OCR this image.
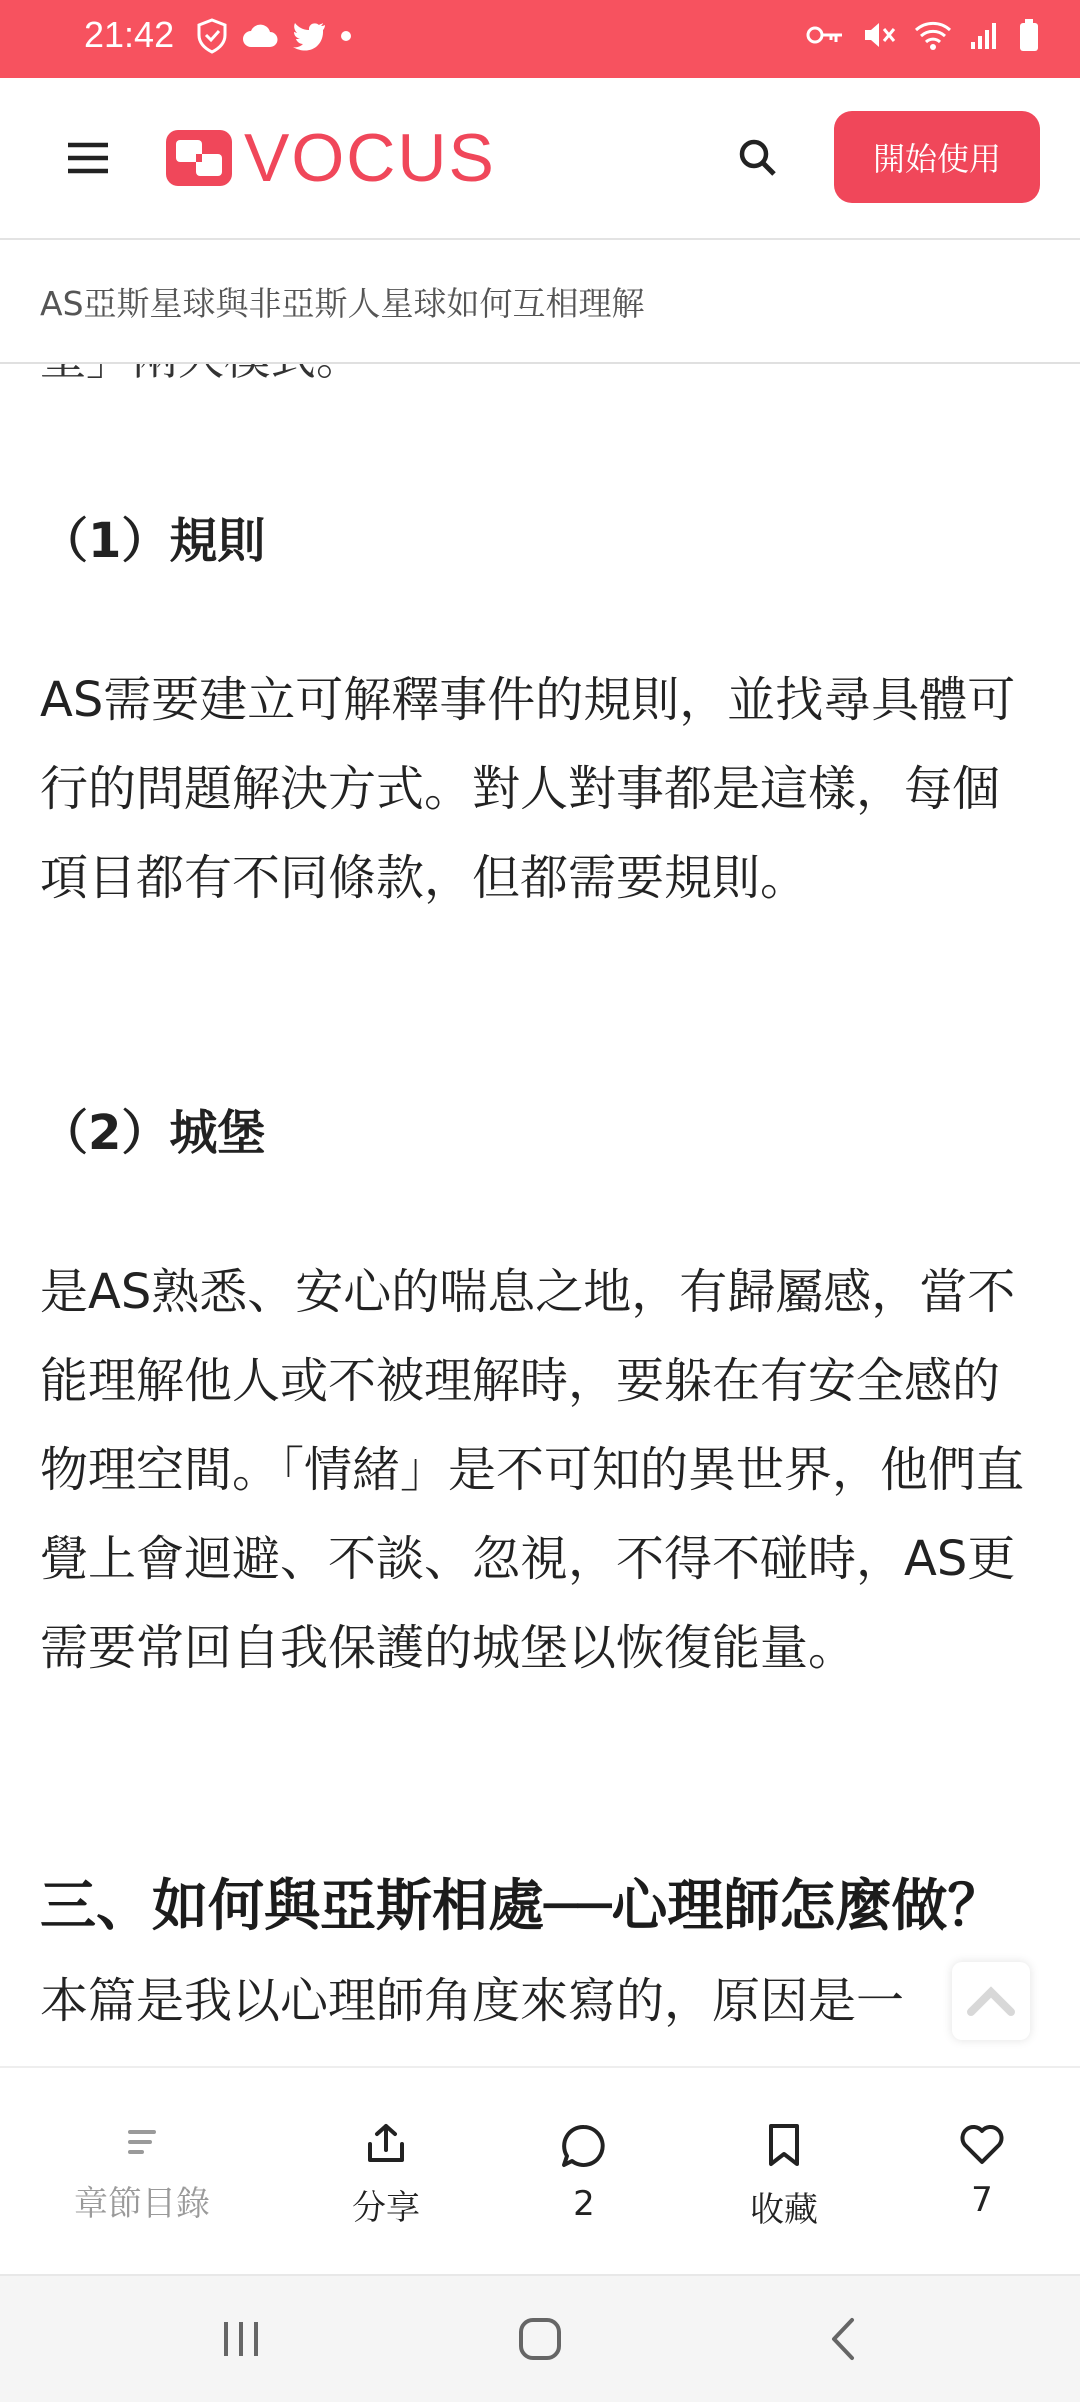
21:42
VOCUS	開始使用
AS亞斯星球與非亞斯人星球如何互相理解
（1）規則

AS需要建立可解釋事件的規則，並找尋具體可行的問題解決方式。對人對事都是這樣，每個項目都有不同條款，但都需要規則。

（2）城堡

是AS熟悉、安心的喘息之地，有歸屬感，當不能理解他人或不被理解時，要躲在有安全感的物理空間。「情緒」是不可知的異世界，他們直覺上會迴避、不談、忽視，不得不碰時，AS更需要常回自我保護的城堡以恢復能量。

三、如何與亞斯相處──心理師怎麼做？
本篇是我以心理師角度來寫的，原因是一
章節目錄	分享	2	收藏	7
